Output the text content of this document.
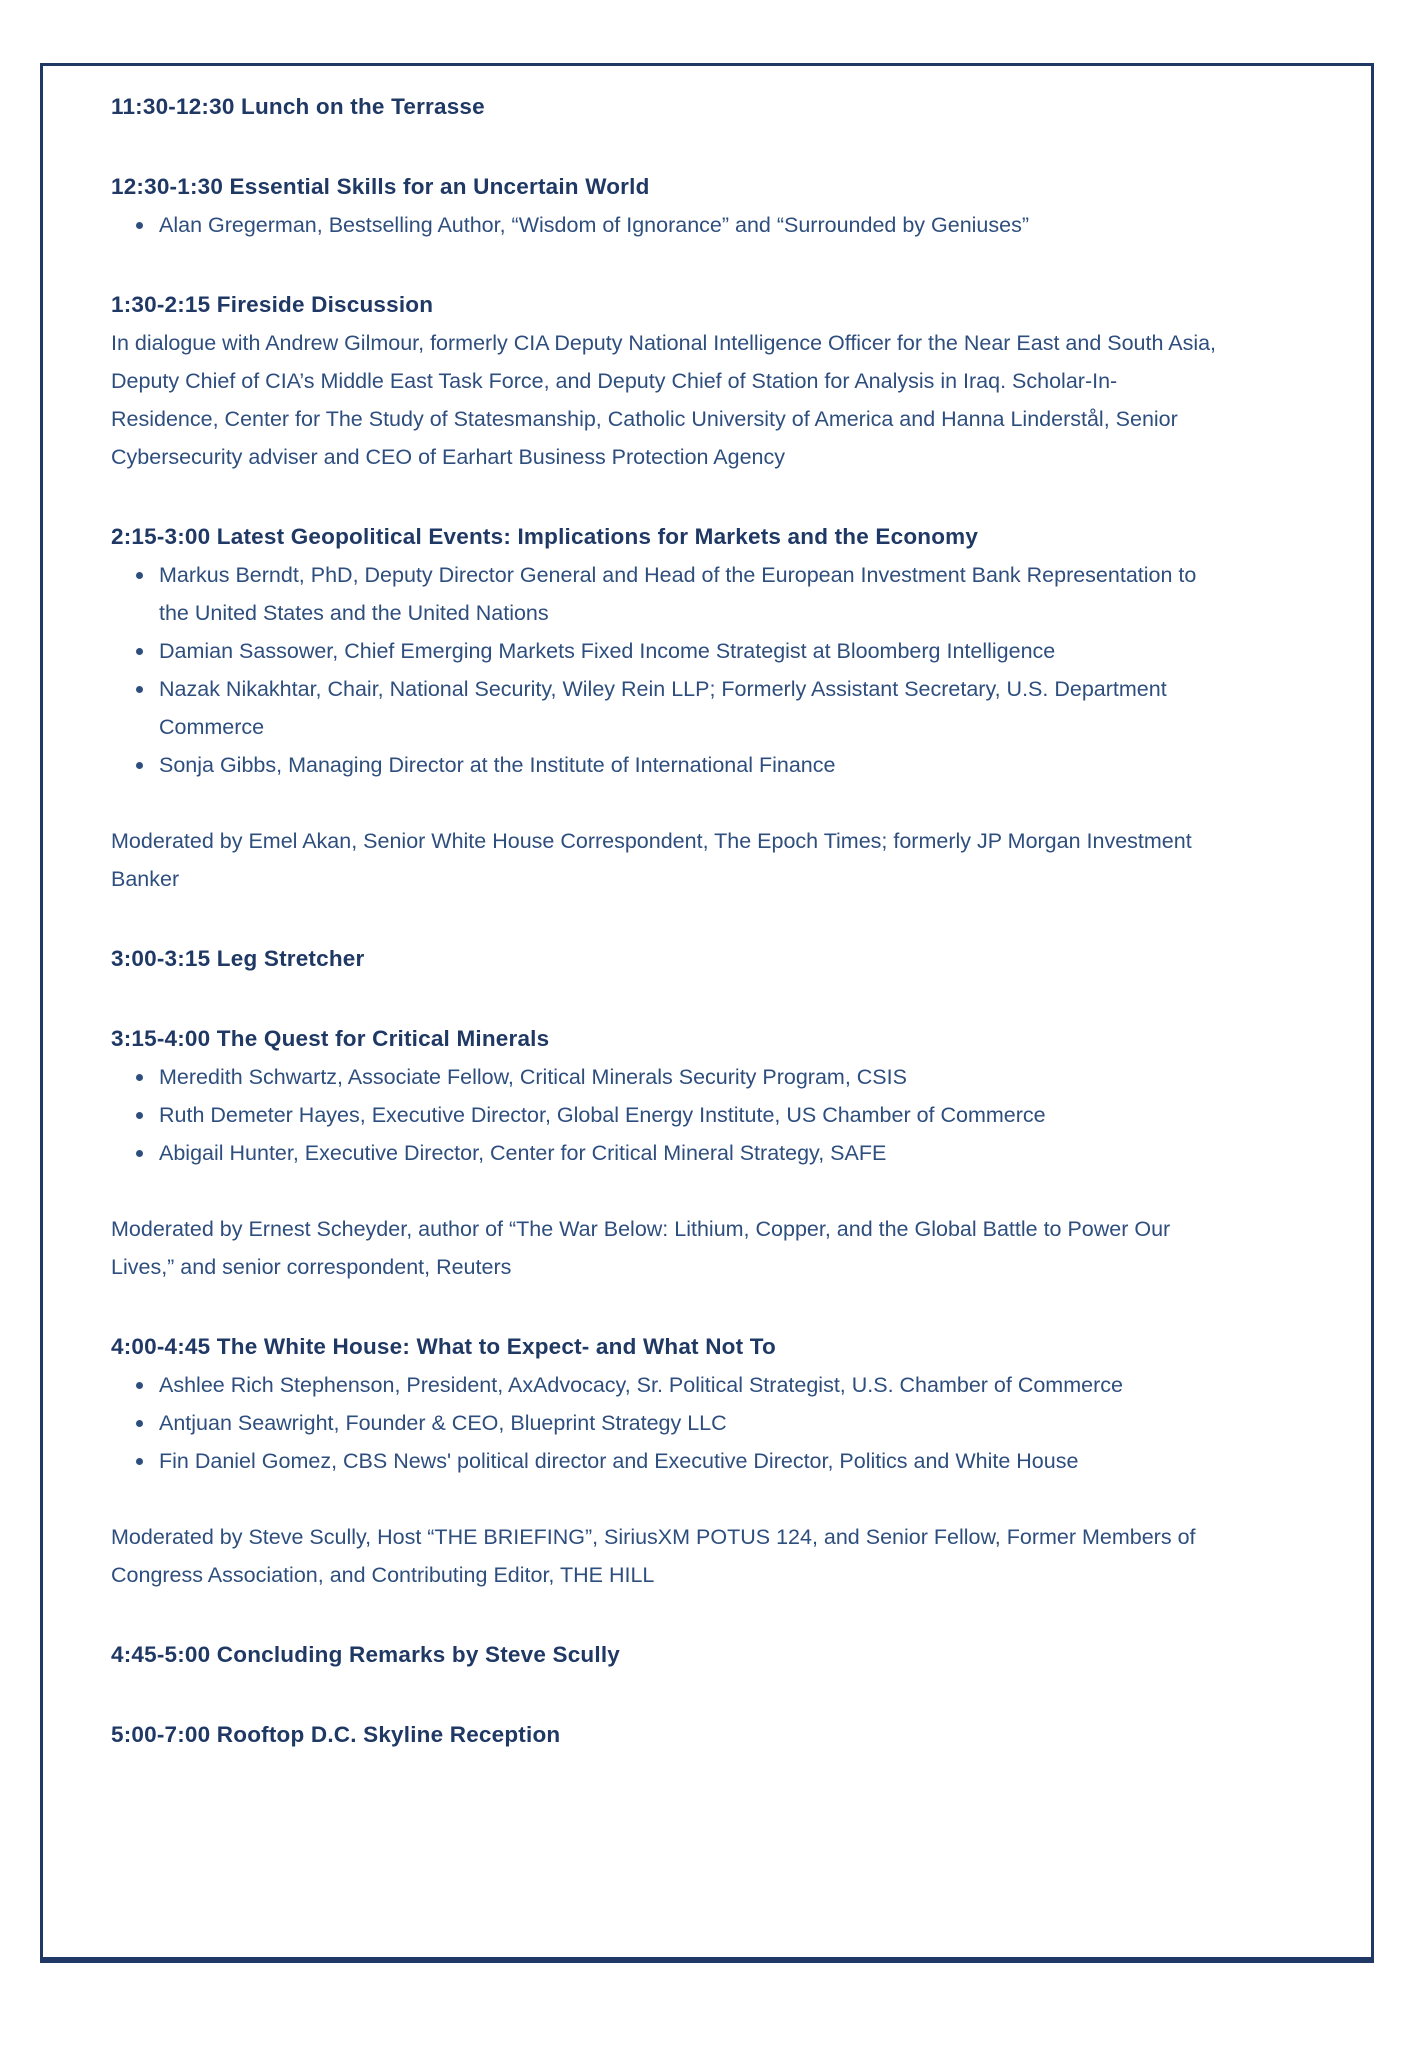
11:30-12:30 Lunch on the Terrasse
12:30-1:30 Essential Skills for an Uncertain World
Alan Gregerman, Bestselling Author, “Wisdom of Ignorance” and “Surrounded by Geniuses”
1:30-2:15 Fireside Discussion
In dialogue with Andrew Gilmour, formerly CIA Deputy National Intelligence Officer for the Near East and South Asia, Deputy Chief of CIA’s Middle East Task Force, and Deputy Chief of Station for Analysis in Iraq. Scholar-In-Residence, Center for The Study of Statesmanship, Catholic University of America and Hanna Linderstål, Senior Cybersecurity adviser and CEO of Earhart Business Protection Agency
2:15-3:00 Latest Geopolitical Events: Implications for Markets and the Economy
Markus Berndt, PhD, Deputy Director General and Head of the European Investment Bank Representation to the United States and the United Nations
Damian Sassower, Chief Emerging Markets Fixed Income Strategist at Bloomberg Intelligence
Nazak Nikakhtar, Chair, National Security, Wiley Rein LLP; Formerly Assistant Secretary, U.S. Department Commerce
Sonja Gibbs, Managing Director at the Institute of International Finance
Moderated by Emel Akan, Senior White House Correspondent, The Epoch Times; formerly JP Morgan Investment Banker
3:00-3:15 Leg Stretcher
3:15-4:00 The Quest for Critical Minerals
Meredith Schwartz, Associate Fellow, Critical Minerals Security Program, CSIS
Ruth Demeter Hayes, Executive Director, Global Energy Institute, US Chamber of Commerce
Abigail Hunter, Executive Director, Center for Critical Mineral Strategy, SAFE
Moderated by Ernest Scheyder, author of “The War Below: Lithium, Copper, and the Global Battle to Power Our Lives,” and senior correspondent, Reuters
4:00-4:45 The White House: What to Expect- and What Not To
Ashlee Rich Stephenson, President, AxAdvocacy, Sr. Political Strategist, U.S. Chamber of Commerce
Antjuan Seawright, Founder & CEO, Blueprint Strategy LLC
Fin Daniel Gomez, CBS News' political director and Executive Director, Politics and White House
Moderated by Steve Scully, Host “THE BRIEFING”, SiriusXM POTUS 124, and Senior Fellow, Former Members of Congress Association, and Contributing Editor, THE HILL
4:45-5:00 Concluding Remarks by Steve Scully
5:00-7:00 Rooftop D.C. Skyline Reception
